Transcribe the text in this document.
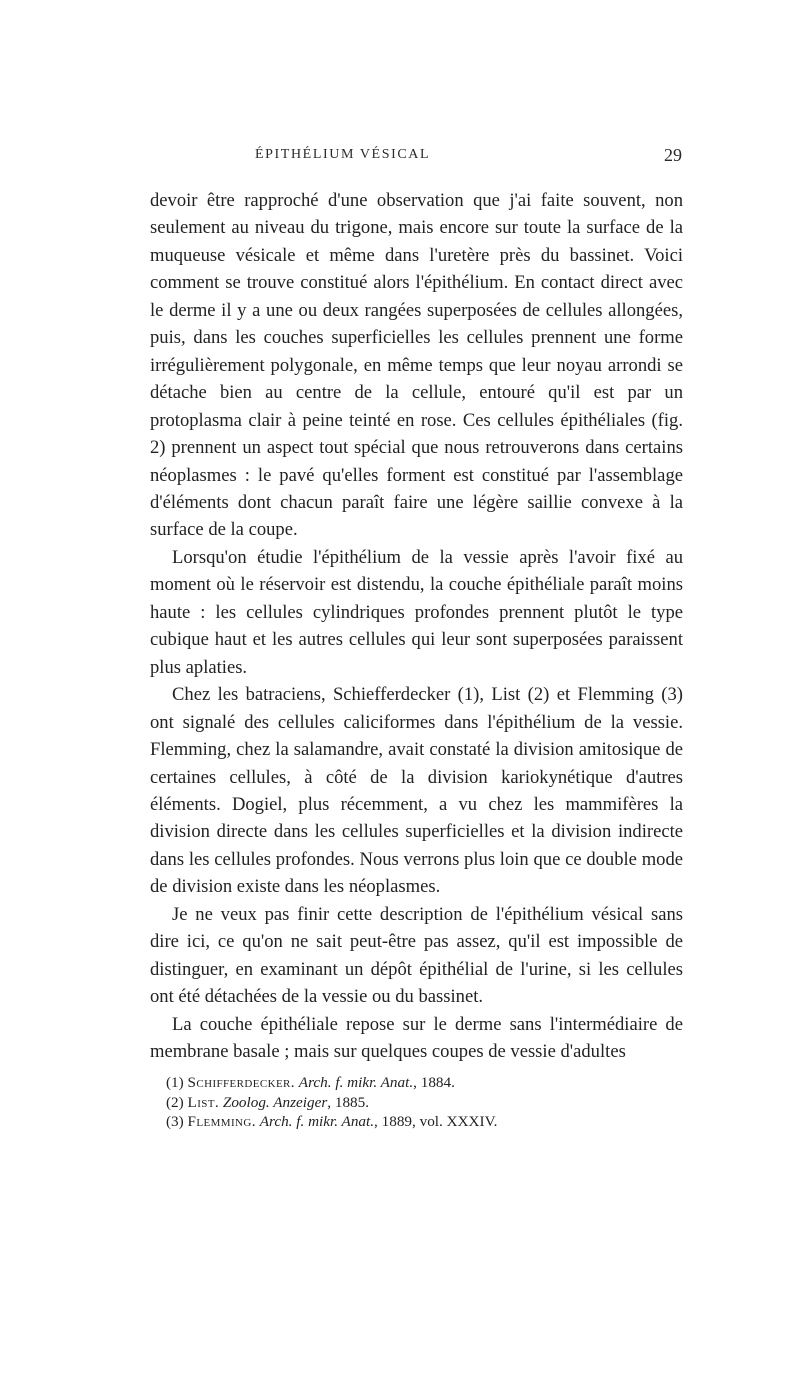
ÉPITHÉLIUM VÉSICAL	29

devoir être rapproché d'une observation que j'ai faite souvent, non seulement au niveau du trigone, mais encore sur toute la surface de la muqueuse vésicale et même dans l'uretère près du bassinet. Voici comment se trouve constitué alors l'épithélium. En contact direct avec le derme il y a une ou deux rangées superposées de cellules allongées, puis, dans les couches superficielles les cellules prennent une forme irrégulièrement polygonale, en même temps que leur noyau arrondi se détache bien au centre de la cellule, entouré qu'il est par un protoplasma clair à peine teinté en rose. Ces cellules épithéliales (fig. 2) prennent un aspect tout spécial que nous retrouverons dans certains néoplasmes : le pavé qu'elles forment est constitué par l'assemblage d'éléments dont chacun paraît faire une légère saillie convexe à la surface de la coupe.

Lorsqu'on étudie l'épithélium de la vessie après l'avoir fixé au moment où le réservoir est distendu, la couche épithéliale paraît moins haute : les cellules cylindriques profondes prennent plutôt le type cubique haut et les autres cellules qui leur sont superposées paraissent plus aplaties.

Chez les batraciens, Schiefferdecker (1), List (2) et Flemming (3) ont signalé des cellules caliciformes dans l'épithélium de la vessie. Flemming, chez la salamandre, avait constaté la division amitosique de certaines cellules, à côté de la division kariokynétique d'autres éléments. Dogiel, plus récemment, a vu chez les mammifères la division directe dans les cellules superficielles et la division indirecte dans les cellules profondes. Nous verrons plus loin que ce double mode de division existe dans les néoplasmes.

Je ne veux pas finir cette description de l'épithélium vésical sans dire ici, ce qu'on ne sait peut-être pas assez, qu'il est impossible de distinguer, en examinant un dépôt épithélial de l'urine, si les cellules ont été détachées de la vessie ou du bassinet.

La couche épithéliale repose sur le derme sans l'intermédiaire de membrane basale ; mais sur quelques coupes de vessie d'adultes

(1) Schifferdecker. Arch. f. mikr. Anat., 1884.

(2) List. Zoolog. Anzeiger, 1885.

(3) Flemming. Arch. f. mikr. Anat., 1889, vol. XXXIV.
